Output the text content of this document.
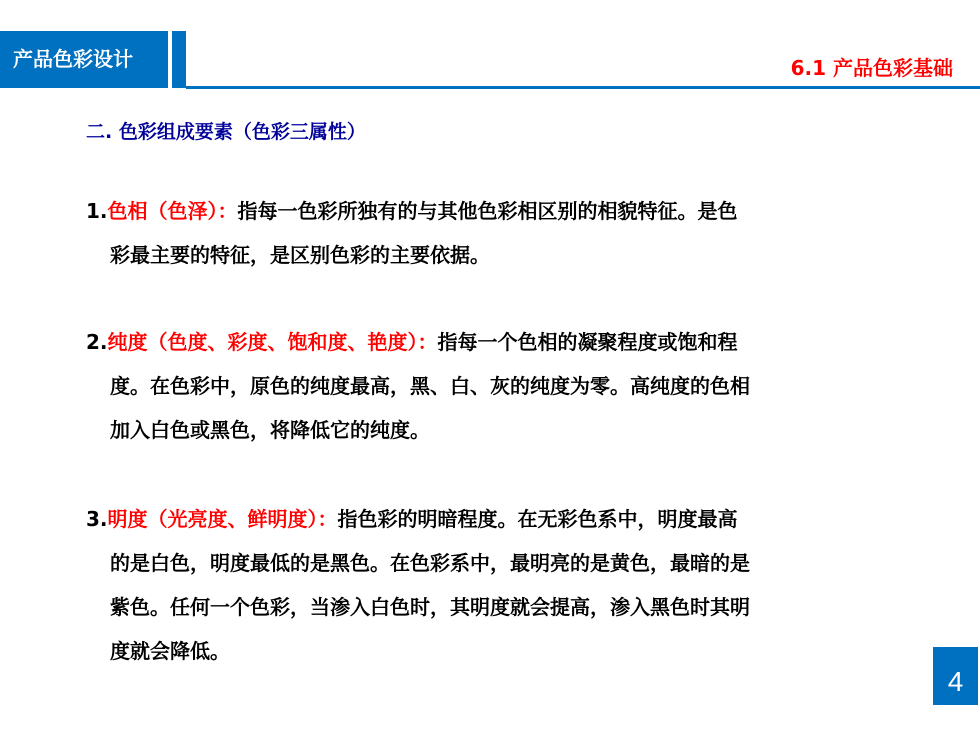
产品色彩设计	6.1 产品色彩基础
二. 色彩组成要素（色彩三属性）
1.色相（色泽）：指每一色彩所独有的与其他色彩相区别的相貌特征。是色
彩最主要的特征，是区别色彩的主要依据。
2.纯度（色度、彩度、饱和度、艳度）：指每一个色相的凝聚程度或饱和程
度。在色彩中，原色的纯度最高，黑、白、灰的纯度为零。高纯度的色相
加入白色或黑色，将降低它的纯度。
3.明度（光亮度、鲜明度）：指色彩的明暗程度。在无彩色系中，明度最高
的是白色，明度最低的是黑色。在色彩系中，最明亮的是黄色，最暗的是
紫色。任何一个色彩，当渗入白色时，其明度就会提高，渗入黑色时其明
度就会降低。
4
